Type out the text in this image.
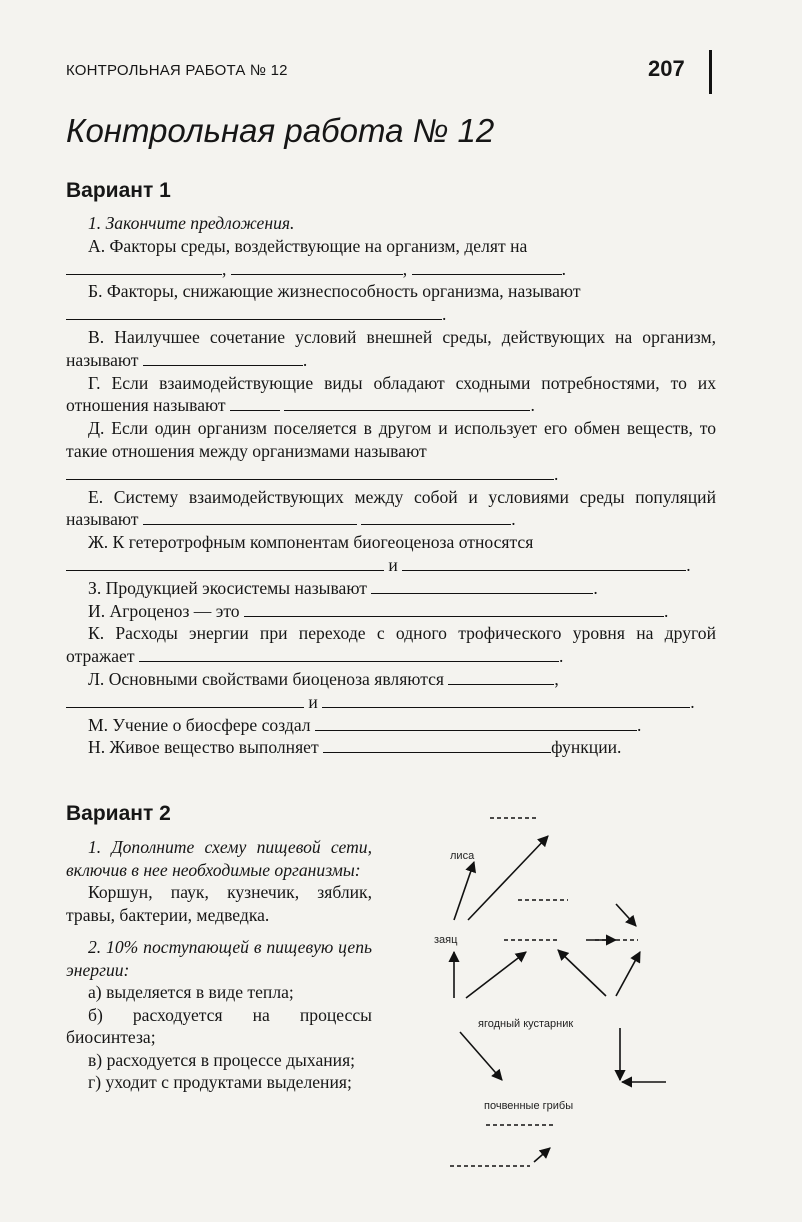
КОНТРОЛЬНАЯ РАБОТА № 12	207
Контрольная работа № 12
Вариант 1

1. Закончите предложения.

А. Факторы среды, воздействующие на организм, делят на

,	,	.

Б. Факторы, снижающие жизнеспособность организма, называют

.

В. Наилучшее сочетание условий внешней среды, действующих на организм, называют	.

Г. Если взаимодействующие виды обладают сходными потребностями, то их отношения называют	.

Д. Если один организм поселяется в другом и использует его обмен веществ, то такие отношения между организмами называют

.

Е. Систему взаимодействующих между собой и условиями среды популяций называют	.

Ж. К гетеротрофным компонентам биогеоценоза относятся

и	.

З. Продукцией экосистемы называют	.

И. Агроценоз — это	.

К. Расходы энергии при переходе с одного трофического уровня на другой отражает	.

Л. Основными свойствами биоценоза являются	,

и	.

М. Учение о биосфере создал	.

Н. Живое вещество выполняет	функции.

Вариант 2

1. Дополните схему пищевой сети, включив в нее необходимые организмы:

Коршун, паук, кузнечик, зяблик, травы, бактерии, медведка.

2. 10% поступающей в пищевую цепь энергии:

а) выделяется в виде тепла;

б) расходуется на процессы биосинтеза;

в) расходуется в процессе дыхания;

г) уходит с продуктами выделения;

лиса
заяц
ягодный кустарник
почвенные грибы
